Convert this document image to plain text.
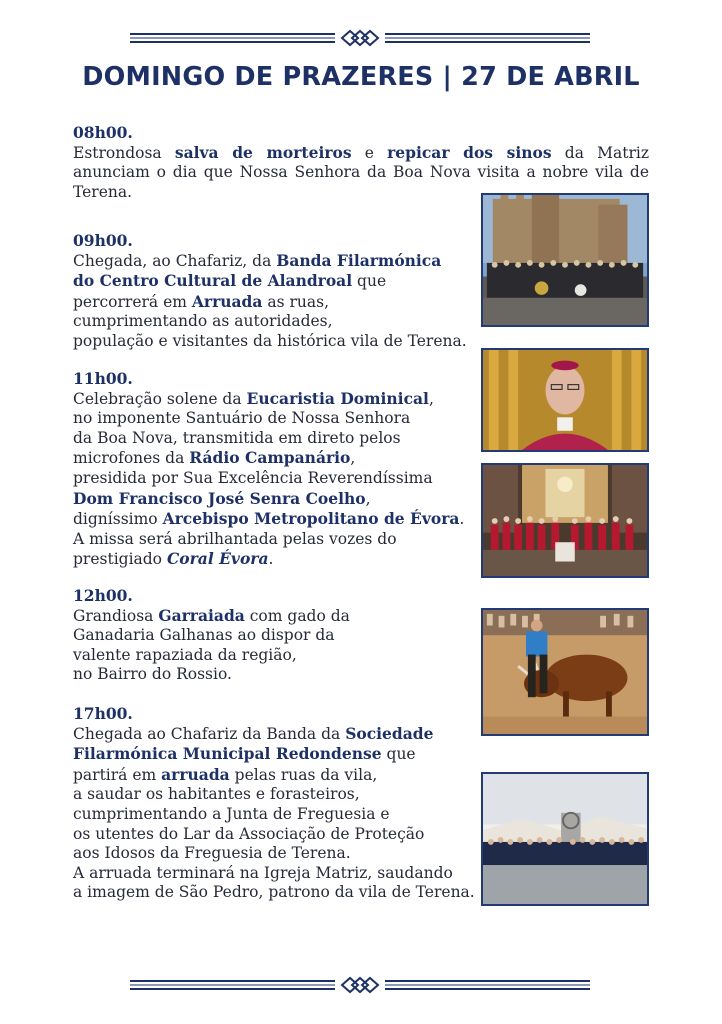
DOMINGO DE PRAZERES | 27 DE ABRIL
08h00.
Estrondosa salva de morteiros e repicar dos sinos da Matriz
anunciam o dia que Nossa Senhora da Boa Nova visita a nobre vila de
Terena.
09h00.
Chegada, ao Chafariz, da Banda Filarmónica
do Centro Cultural de Alandroal que
percorrerá em Arruada as ruas,
cumprimentando as autoridades,
população e visitantes da histórica vila de Terena.
11h00.
Celebração solene da Eucaristia Dominical,
no imponente Santuário de Nossa Senhora
da Boa Nova, transmitida em direto pelos
microfones da Rádio Campanário,
presidida por Sua Excelência Reverendíssima
Dom Francisco José Senra Coelho,
digníssimo Arcebispo Metropolitano de Évora.
A missa será abrilhantada pelas vozes do
prestigiado Coral Évora.
12h00.
Grandiosa Garraiada com gado da
Ganadaria Galhanas ao dispor da
valente rapaziada da região,
no Bairro do Rossio.
17h00.
Chegada ao Chafariz da Banda da Sociedade
Filarmónica Municipal Redondense que
partirá em arruada pelas ruas da vila,
a saudar os habitantes e forasteiros,
cumprimentando a Junta de Freguesia e
os utentes do Lar da Associação de Proteção
aos Idosos da Freguesia de Terena.
A arruada terminará na Igreja Matriz, saudando
a imagem de São Pedro, patrono da vila de Terena.
